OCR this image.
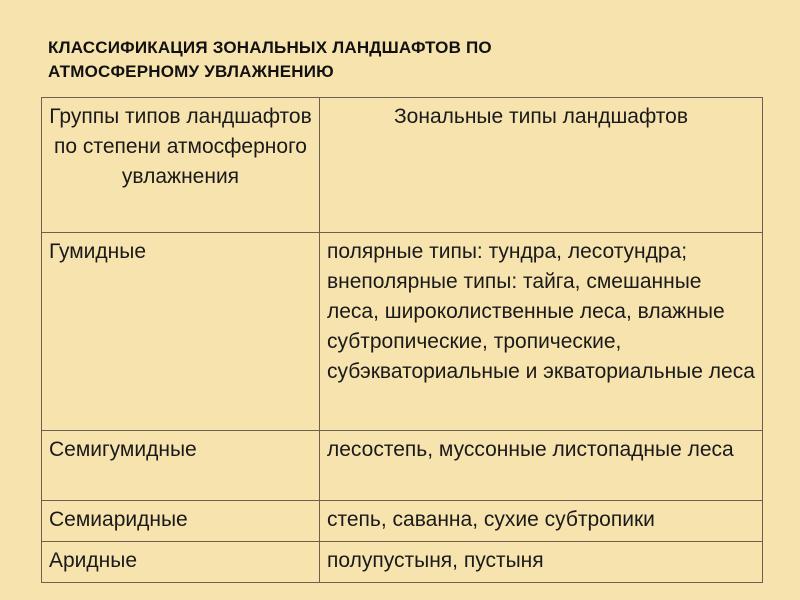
КЛАССИФИКАЦИЯ ЗОНАЛЬНЫХ ЛАНДШАФТОВ ПО
АТМОСФЕРНОМУ УВЛАЖНЕНИЮ
Группы типов ландшафтов по степени атмосферного увлажнения	Зональные типы ландшафтов
Гумидные	полярные типы: тундра, лесотундра; внеполярные типы: тайга, смешанные леса, широколиственные леса, влажные субтропические, тропические, субэкваториальные и экваториальные леса
Семигумидные	лесостепь, муссонные листопадные леса
Семиаридные	степь, саванна, сухие субтропики
Аридные	полупустыня, пустыня
